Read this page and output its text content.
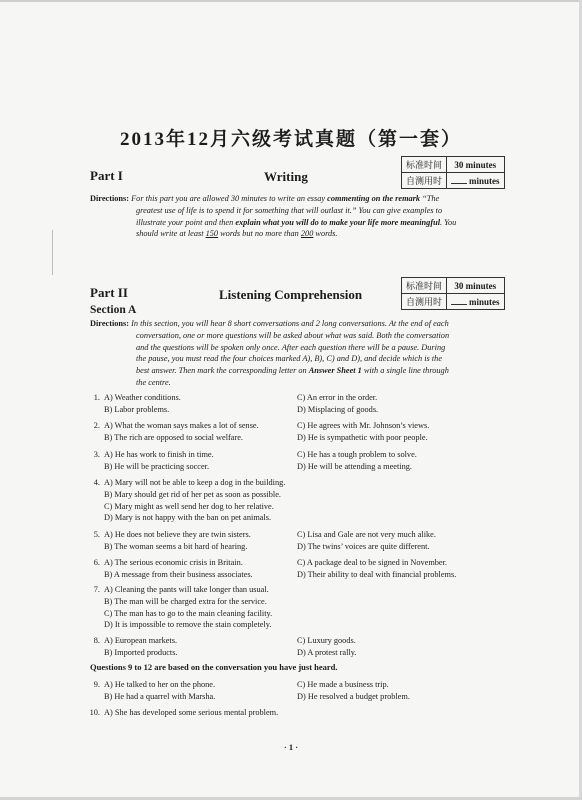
2013年12月六级考试真题（第一套）
Part I	Writing
标准时间	30 minutes
自测用时	minutes
Directions: For this part you are allowed 30 minutes to write an essay commenting on the remark “The
greatest use of life is to spend it for something that will outlast it.” You can give examples to
illustrate your point and then explain what you will do to make your life more meaningful. You
should write at least 150 words but no more than 200 words.
Part II	Listening Comprehension
标准时间	30 minutes
自测用时	minutes
Section A
Directions: In this section, you will hear 8 short conversations and 2 long conversations. At the end of each
conversation, one or more questions will be asked about what was said. Both the conversation
and the questions will be spoken only once. After each question there will be a pause. During
the pause, you must read the four choices marked A), B), C) and D), and decide which is the
best answer. Then mark the corresponding letter on Answer Sheet 1 with a single line through
the centre.
1. A) Weather conditions.	C) An error in the order.
B) Labor problems.	D) Misplacing of goods.
2. A) What the woman says makes a lot of sense.	C) He agrees with Mr. Johnson’s views.
B) The rich are opposed to social welfare.	D) He is sympathetic with poor people.
3. A) He has work to finish in time.	C) He has a tough problem to solve.
B) He will be practicing soccer.	D) He will be attending a meeting.
4. A) Mary will not be able to keep a dog in the building.
B) Mary should get rid of her pet as soon as possible.
C) Mary might as well send her dog to her relative.
D) Mary is not happy with the ban on pet animals.
5. A) He does not believe they are twin sisters.	C) Lisa and Gale are not very much alike.
B) The woman seems a bit hard of hearing.	D) The twins’ voices are quite different.
6. A) The serious economic crisis in Britain.	C) A package deal to be signed in November.
B) A message from their business associates.	D) Their ability to deal with financial problems.
7. A) Cleaning the pants will take longer than usual.
B) The man will be charged extra for the service.
C) The man has to go to the main cleaning facility.
D) It is impossible to remove the stain completely.
8. A) European markets.	C) Luxury goods.
B) Imported products.	D) A protest rally.
Questions 9 to 12 are based on the conversation you have just heard.
9. A) He talked to her on the phone.	C) He made a business trip.
B) He had a quarrel with Marsha.	D) He resolved a budget problem.
10. A) She has developed some serious mental problem.
· 1 ·
